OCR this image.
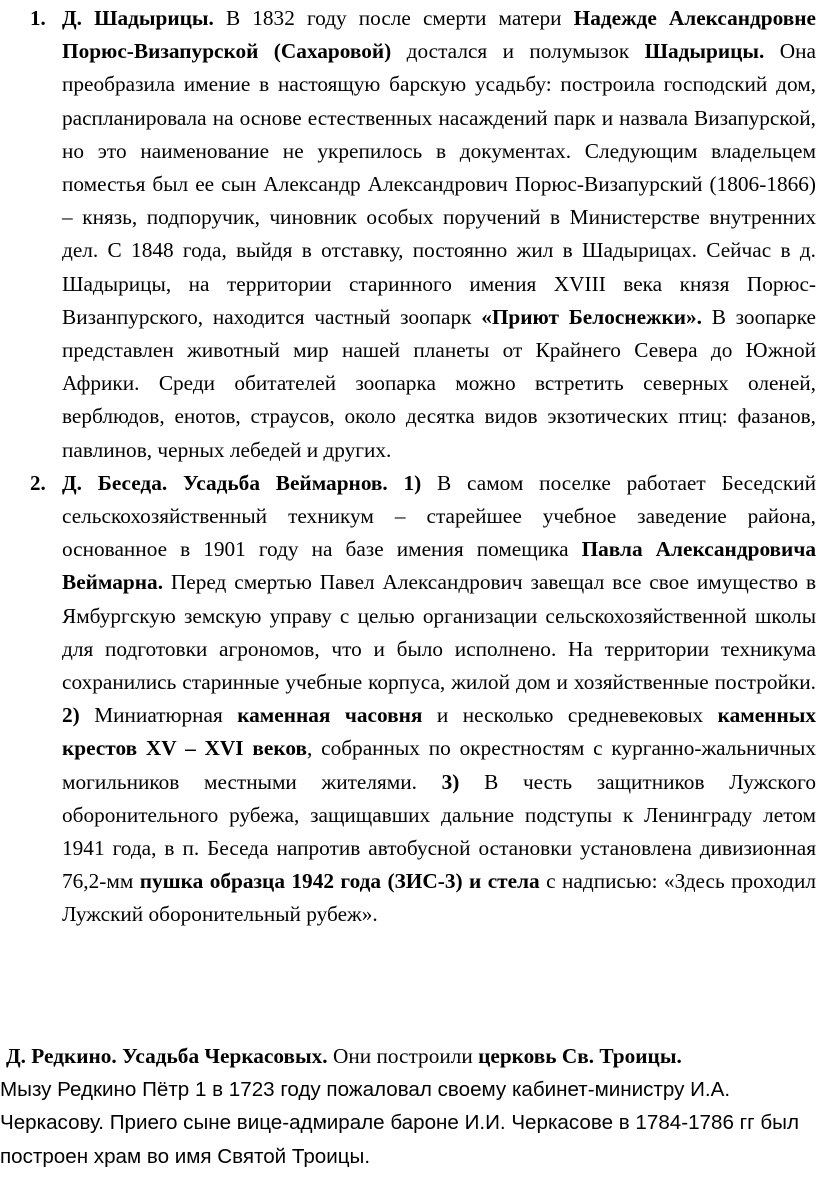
1. Д. Шадырицы. В 1832 году после смерти матери Надежде Александровне Порюс-Визапурской (Сахаровой) достался и полумызок Шадырицы. Она преобразила имение в настоящую барскую усадьбу: построила господский дом, распланировала на основе естественных насаждений парк и назвала Визапурской, но это наименование не укрепилось в документах. Следующим владельцем поместья был ее сын Александр Александрович Порюс-Визапурский (1806-1866) – князь, подпоручик, чиновник особых поручений в Министерстве внутренних дел. С 1848 года, выйдя в отставку, постоянно жил в Шадырицах. Сейчас в д. Шадырицы, на территории старинного имения XVIII века князя Порюс-Визанпурского, находится частный зоопарк «Приют Белоснежки». В зоопарке представлен животный мир нашей планеты от Крайнего Севера до Южной Африки. Среди обитателей зоопарка можно встретить северных оленей, верблюдов, енотов, страусов, около десятка видов экзотических птиц: фазанов, павлинов, черных лебедей и других.

2. Д. Беседа. Усадьба Веймарнов. 1) В самом поселке работает Беседский сельскохозяйственный техникум – старейшее учебное заведение района, основанное в 1901 году на базе имения помещика Павла Александровича Веймарна. Перед смертью Павел Александрович завещал все свое имущество в Ямбургскую земскую управу с целью организации сельскохозяйственной школы для подготовки агрономов, что и было исполнено. На территории техникума сохранились старинные учебные корпуса, жилой дом и хозяйственные постройки. 2) Миниатюрная каменная часовня и несколько средневековых каменных крестов XV – XVI веков, собранных по окрестностям с курганно-жальничных могильников местными жителями. 3) В честь защитников Лужского оборонительного рубежа, защищавших дальние подступы к Ленинграду летом 1941 года, в п. Беседа напротив автобусной остановки установлена дивизионная 76,2-мм пушка образца 1942 года (ЗИС-3) и стела с надписью: «Здесь проходил Лужский оборонительный рубеж».

Д. Редкино. Усадьба Черкасовых. Они построили церковь Св. Троицы.

Мызу Редкино Пётр 1 в 1723 году пожаловал своему кабинет-министру И.А. Черкасову. Приего сыне вице-адмирале бароне И.И. Черкасове в 1784-1786 гг был построен храм во имя Святой Троицы.
